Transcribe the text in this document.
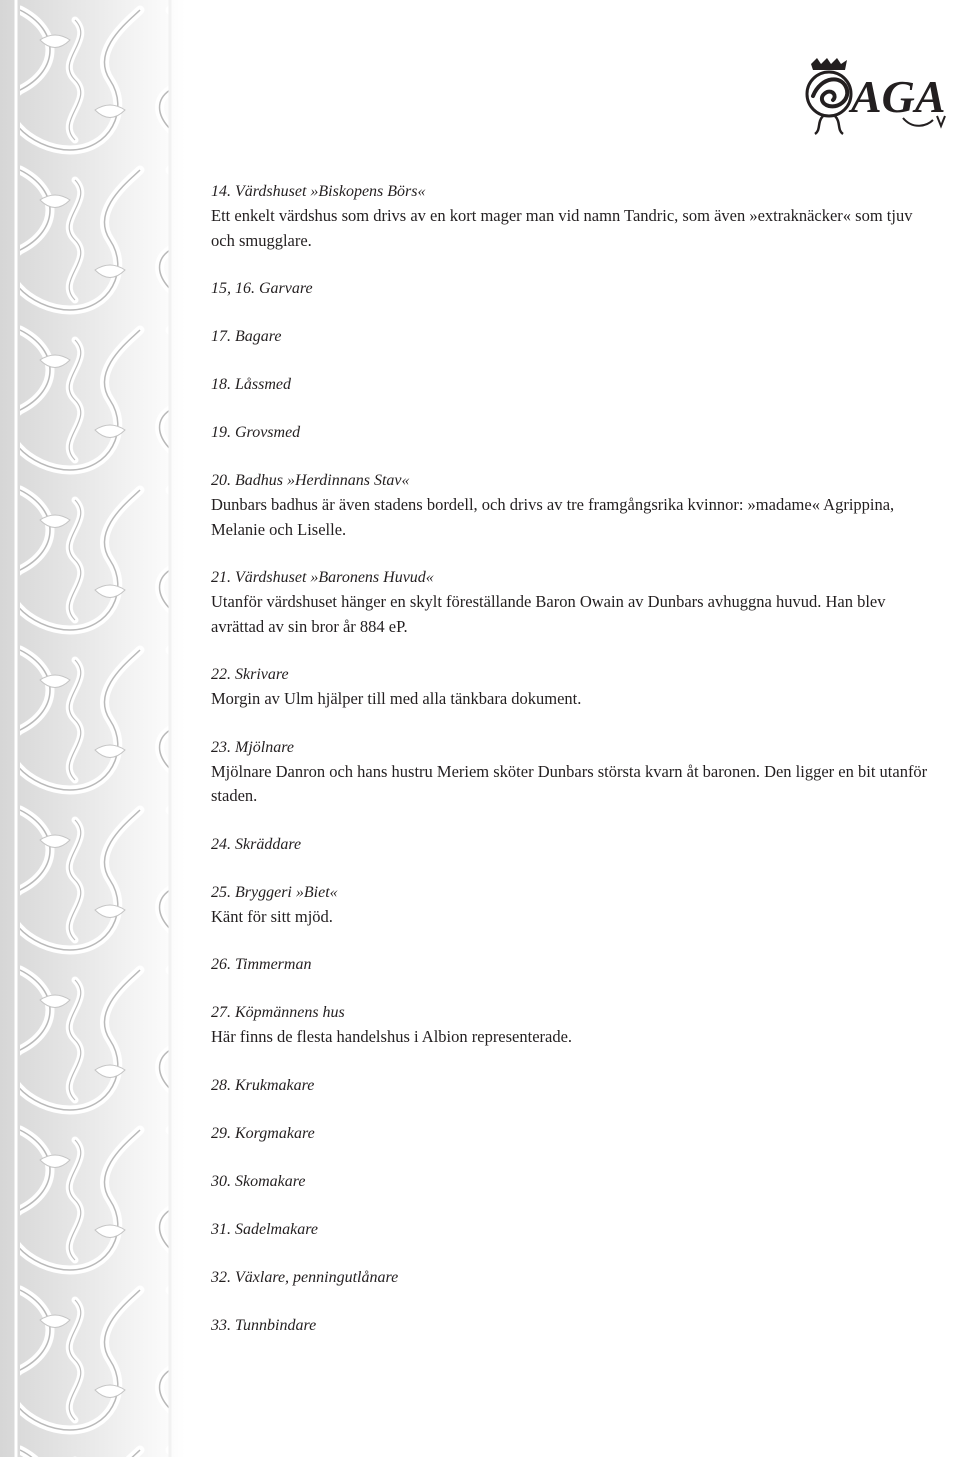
AGA

14. Värdshuset »Biskopens Börs«

Ett enkelt värdshus som drivs av en kort mager man vid namn Tandric, som även »extraknäcker« som tjuv och smugglare.

15, 16. Garvare

17. Bagare

18. Låssmed

19. Grovsmed

20. Badhus »Herdinnans Stav«

Dunbars badhus är även stadens bordell, och drivs av tre framgångsrika kvinnor: »madame« Agrippina, Melanie och Liselle.

21. Värdshuset »Baronens Huvud«

Utanför värdshuset hänger en skylt föreställande Baron Owain av Dunbars avhuggna huvud. Han blev avrättad av sin bror år 884 eP.

22. Skrivare

Morgin av Ulm hjälper till med alla tänkbara dokument.

23. Mjölnare

Mjölnare Danron och hans hustru Meriem sköter Dunbars största kvarn åt baronen. Den ligger en bit utanför staden.

24. Skräddare

25. Bryggeri »Biet«

Känt för sitt mjöd.

26. Timmerman

27. Köpmännens hus

Här finns de flesta handelshus i Albion representerade.

28. Krukmakare

29. Korgmakare

30. Skomakare

31. Sadelmakare

32. Växlare, penningutlånare

33. Tunnbindare
